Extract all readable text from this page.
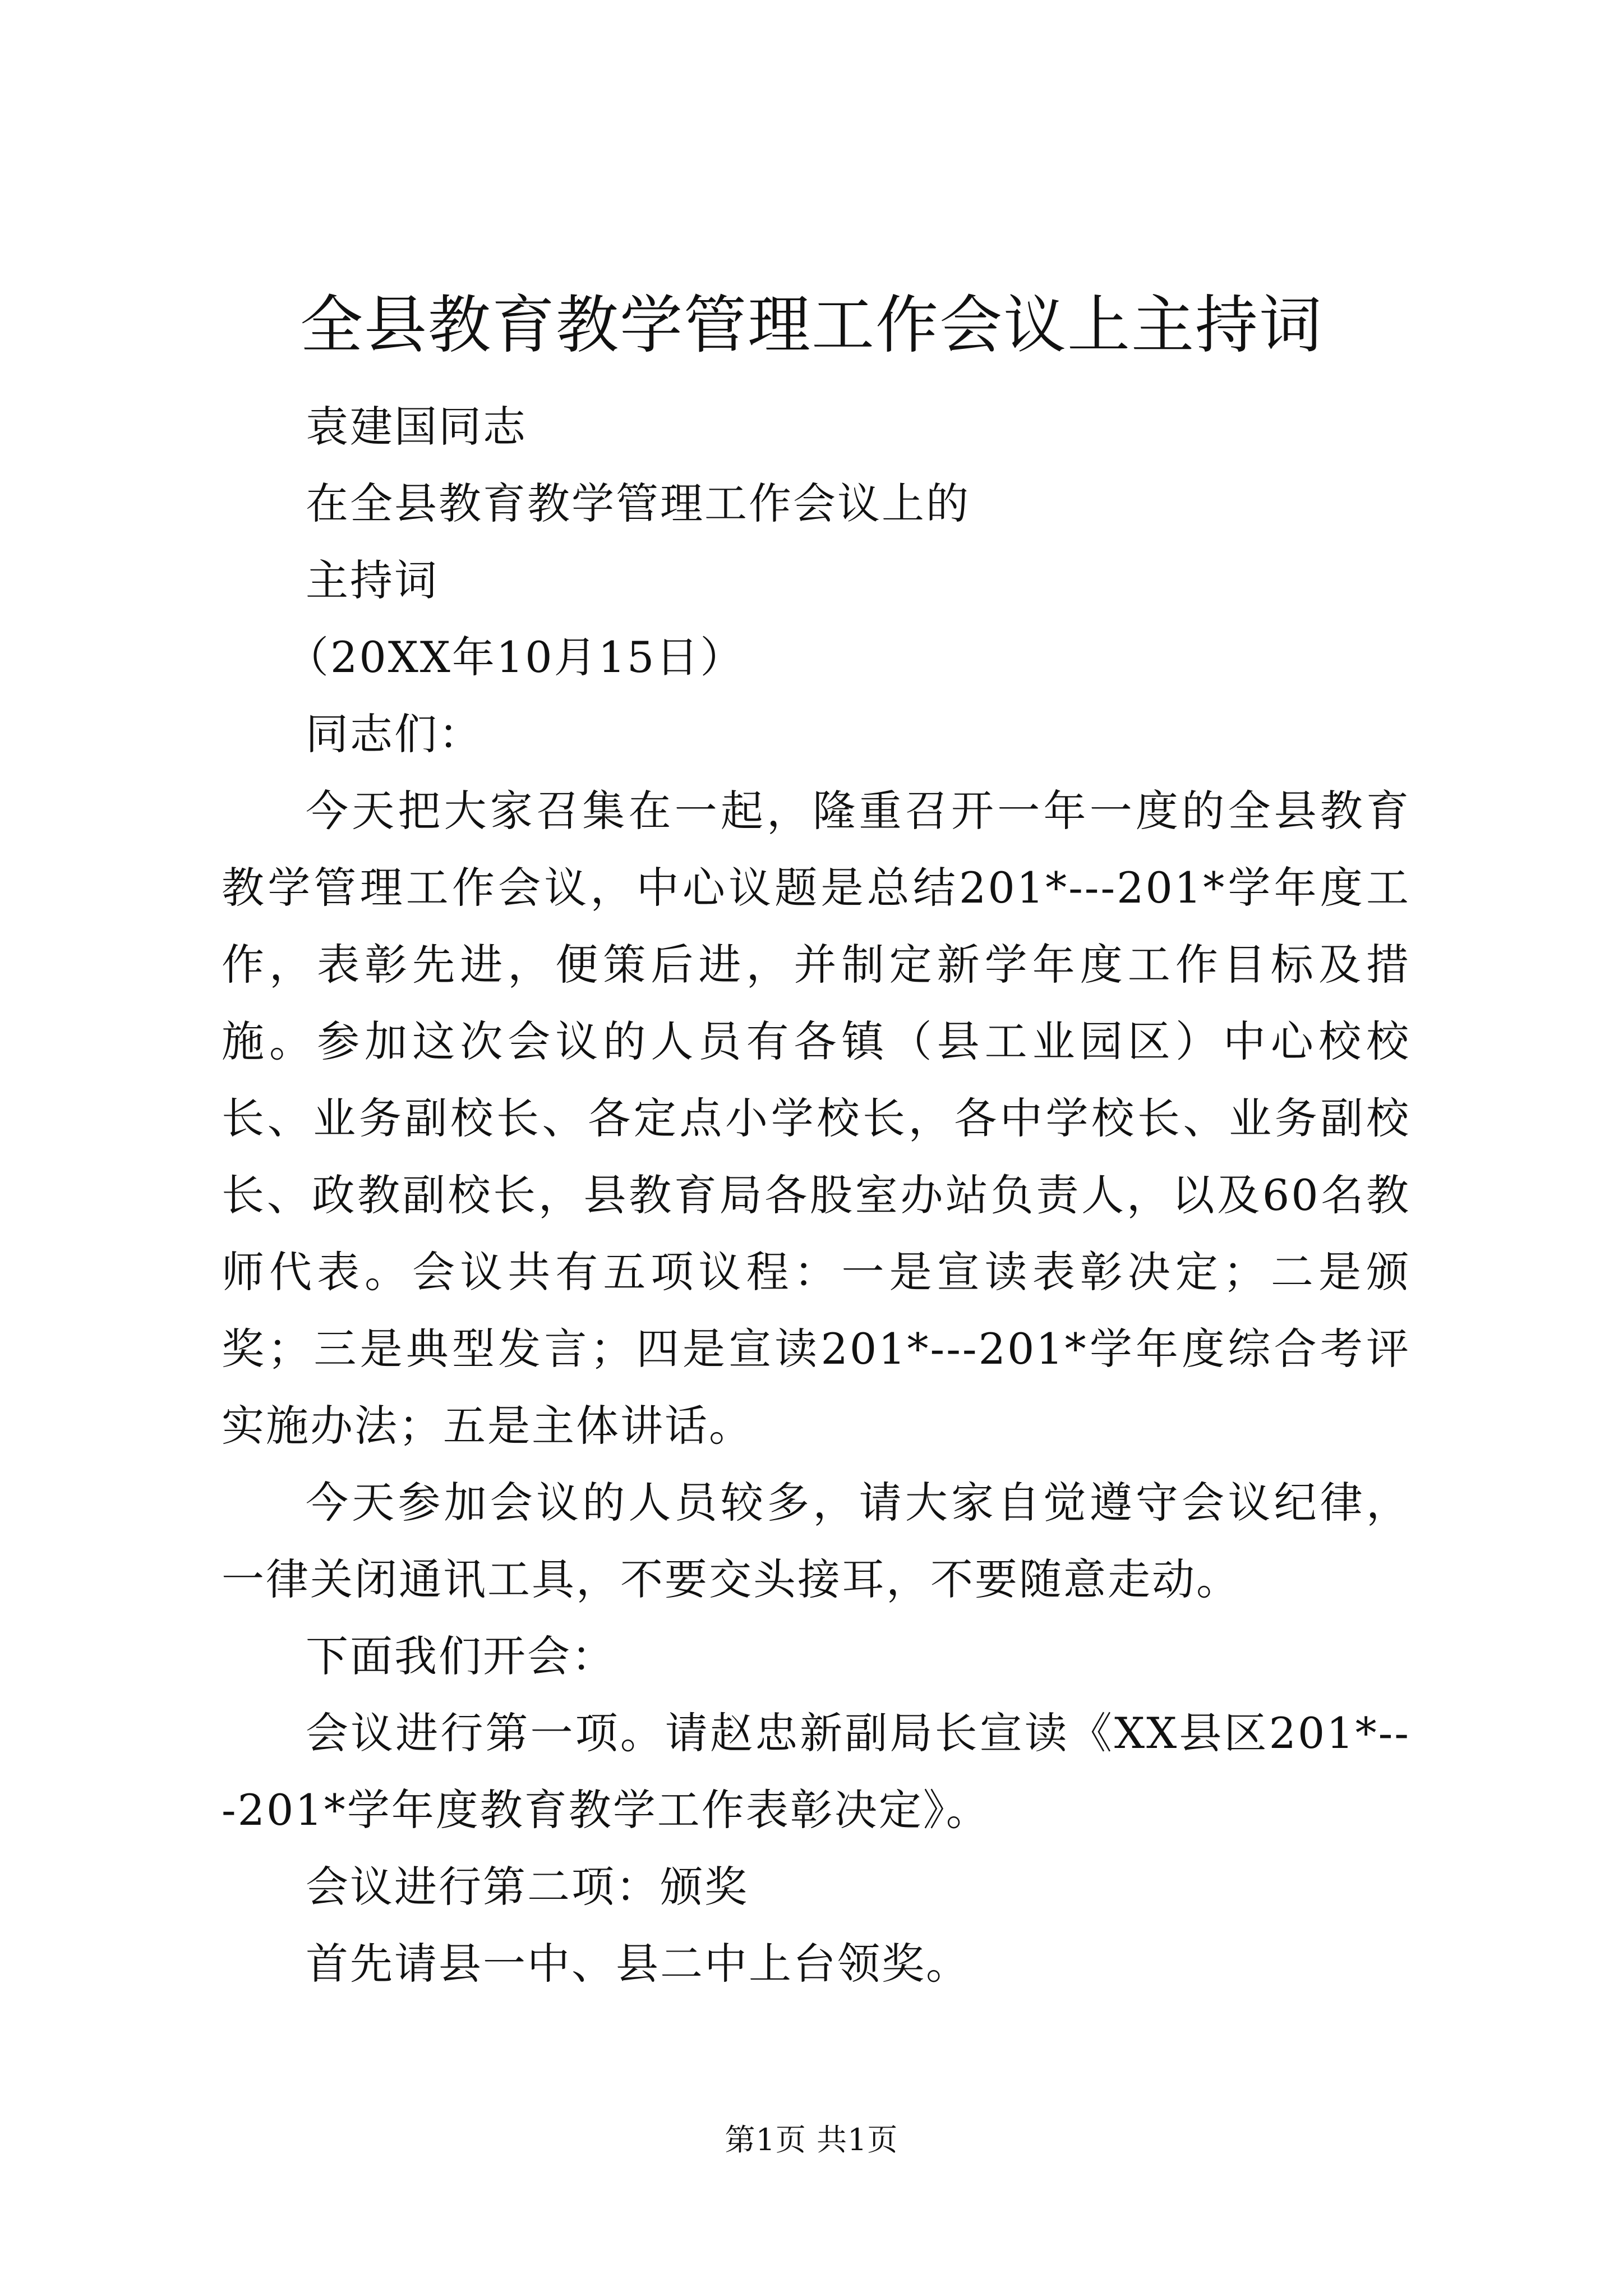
全县教育教学管理工作会议上主持词

袁建国同志

在全县教育教学管理工作会议上的

主持词

（20XX年10月15日）

同志们：

今天把大家召集在一起，隆重召开一年一度的全县教育教学管理工作会议，中心议题是总结201*---201*学年度工作，表彰先进，便策后进，并制定新学年度工作目标及措施。参加这次会议的人员有各镇（县工业园区）中心校校长、业务副校长、各定点小学校长，各中学校长、业务副校长、政教副校长，县教育局各股室办站负责人，以及60名教师代表。会议共有五项议程：一是宣读表彰决定；二是颁奖；三是典型发言；四是宣读201*---201*学年度综合考评实施办法；五是主体讲话。

今天参加会议的人员较多，请大家自觉遵守会议纪律，一律关闭通讯工具，不要交头接耳，不要随意走动。

下面我们开会：

会议进行第一项。请赵忠新副局长宣读《XX县区201*---201*学年度教育教学工作表彰决定》。

会议进行第二项：颁奖

首先请县一中、县二中上台领奖。

第1页 共1页
